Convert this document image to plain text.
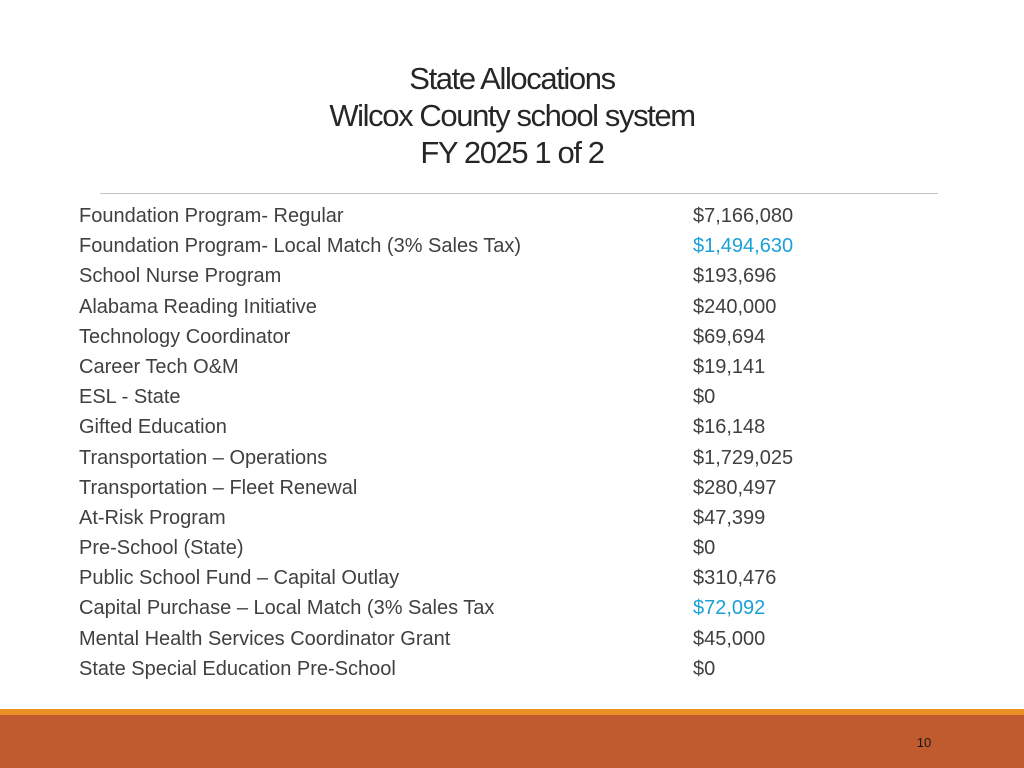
State Allocations
Wilcox County school system
FY 2025 1 of 2
Foundation Program- Regular	$7,166,080
Foundation Program- Local Match (3% Sales Tax)	$1,494,630
School Nurse Program	$193,696
Alabama Reading Initiative	$240,000
Technology Coordinator	$69,694
Career Tech O&M	$19,141
ESL - State	$0
Gifted Education	$16,148
Transportation – Operations	$1,729,025
Transportation – Fleet Renewal	$280,497
At-Risk Program	$47,399
Pre-School (State)	$0
Public School Fund – Capital Outlay	$310,476
Capital Purchase – Local Match (3% Sales Tax	$72,092
Mental Health Services Coordinator Grant	$45,000
State Special Education Pre-School	$0
10
